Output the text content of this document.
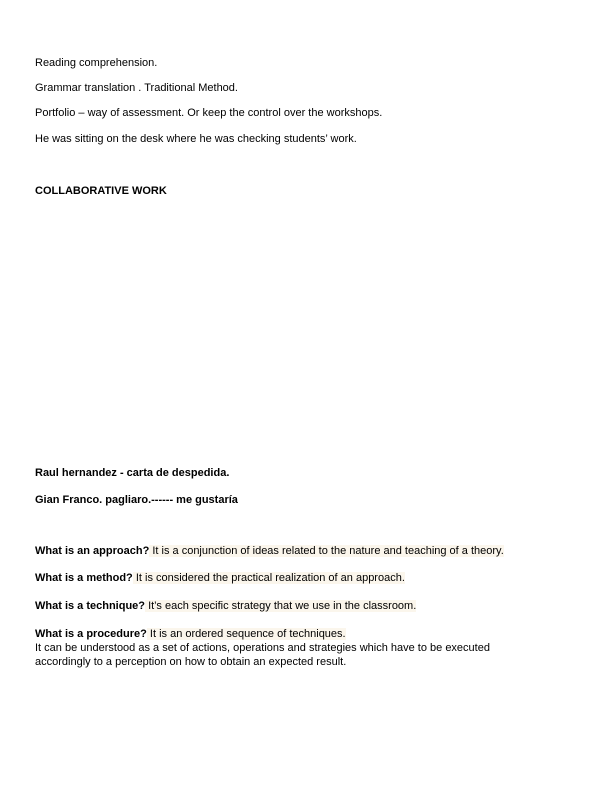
Reading comprehension.
Grammar translation . Traditional Method.
Portfolio – way of assessment. Or keep the control over the workshops.
He was sitting on the desk where he was checking students’ work.
COLLABORATIVE WORK
Raul hernandez - carta de despedida.
Gian Franco. pagliaro.------ me gustaría
What is an approach? It is a conjunction of ideas related to the nature and teaching of a theory.
What is a method? It is considered the practical realization of an approach.
What is a technique? It’s each specific strategy that we use in the classroom.
What is a procedure? It is an ordered sequence of techniques.
It can be understood as a set of actions, operations and strategies which have to be executed
accordingly to a perception on how to obtain an expected result.
